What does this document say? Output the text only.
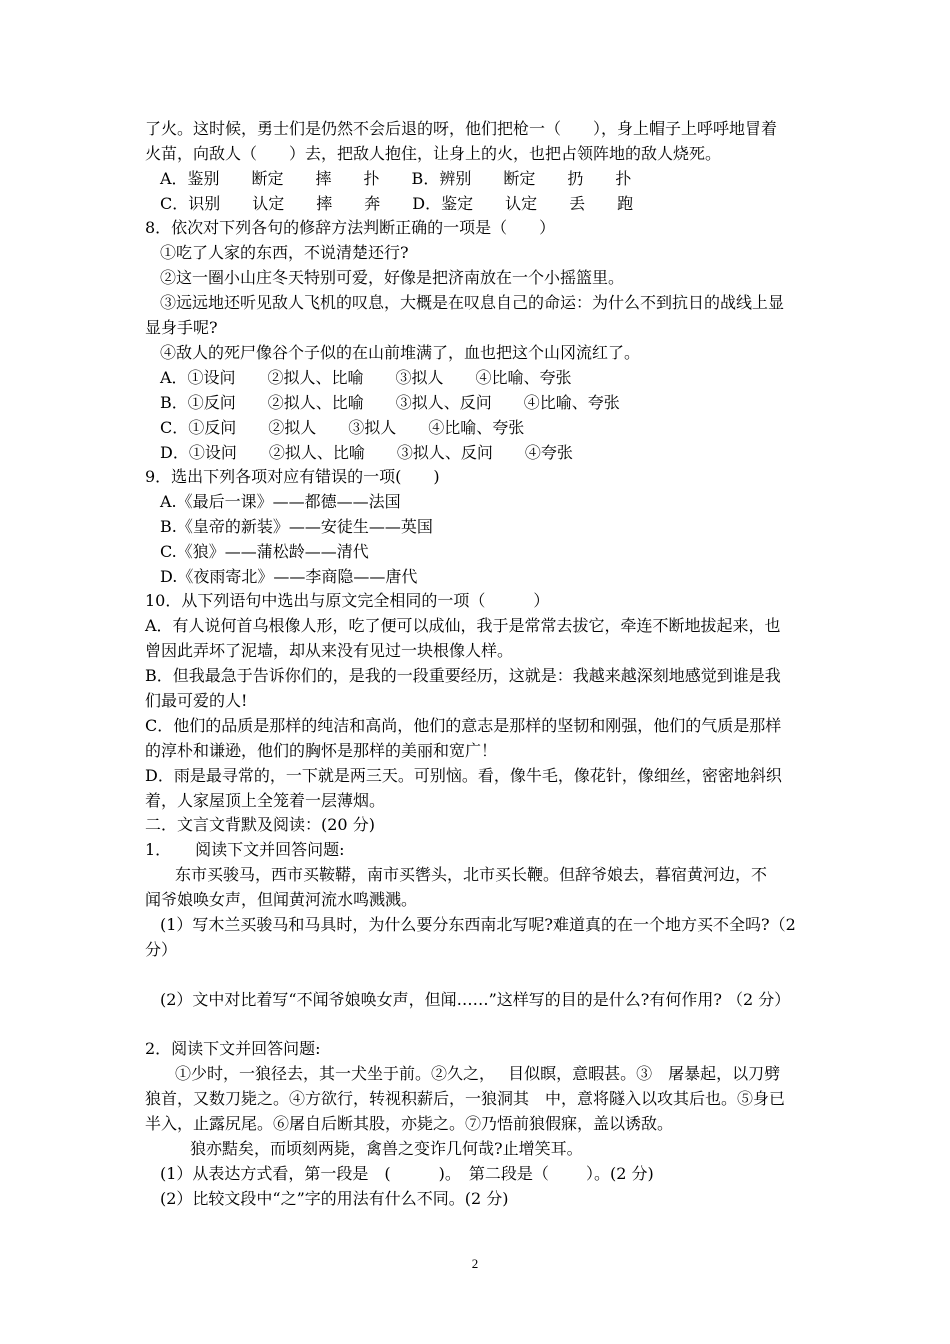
了火。这时候，勇士们是仍然不会后退的呀，他们把枪一（　　），身上帽子上呼呼地冒着
火苗，向敌人（　　）去，把敌人抱住，让身上的火，也把占领阵地的敌人烧死。
A．鉴别　　断定　　摔　　扑　　B．辨别　　断定　　扔　　扑
C．识别　　认定　　摔　　奔　　D．鉴定　　认定　　丢　　跑
8．依次对下列各句的修辞方法判断正确的一项是（　　）
①吃了人家的东西，不说清楚还行?
②这一圈小山庄冬天特别可爱，好像是把济南放在一个小摇篮里。
③远远地还听见敌人飞机的叹息，大概是在叹息自己的命运：为什么不到抗日的战线上显
显身手呢?
④敌人的死尸像谷个子似的在山前堆满了，血也把这个山冈流红了。
A．①设问　　②拟人、比喻　　③拟人　　④比喻、夸张
B．①反问　　②拟人、比喻　　③拟人、反问　　④比喻、夸张
C．①反问　　②拟人　　③拟人　　④比喻、夸张
D．①设问　　②拟人、比喻　　③拟人、反问　　④夸张
9．选出下列各项对应有错误的一项(　　)
A.《最后一课》——都德——法国
B.《皇帝的新装》——安徒生——英国
C.《狼》——蒲松龄——清代
D.《夜雨寄北》——李商隐——唐代
10．从下列语句中选出与原文完全相同的一项（　　　）
A．有人说何首乌根像人形，吃了便可以成仙，我于是常常去拔它，牵连不断地拔起来，也
曾因此弄坏了泥墙，却从来没有见过一块根像人样。
B．但我最急于告诉你们的，是我的一段重要经历，这就是：我越来越深刻地感觉到谁是我
们最可爱的人!
C．他们的品质是那样的纯洁和高尚，他们的意志是那样的坚韧和刚强，他们的气质是那样
的淳朴和谦逊，他们的胸怀是那样的美丽和宽广！
D．雨是最寻常的，一下就是两三天。可别恼。看，像牛毛，像花针，像细丝，密密地斜织
着，人家屋顶上全笼着一层薄烟。
二．文言文背默及阅读：(20 分)
1．　　阅读下文并回答问题:
东市买骏马，西市买鞍鞯，南市买辔头，北市买长鞭。但辞爷娘去，暮宿黄河边，不
闻爷娘唤女声，但闻黄河流水鸣溅溅。
(1）写木兰买骏马和马具时，为什么要分东西南北写呢?难道真的在一个地方买不全吗?（2
分）
(2）文中对比着写“不闻爷娘唤女声，但闻……”这样写的目的是什么?有何作用? （2 分）
2．阅读下文并回答问题:
①少时，一狼径去，其一犬坐于前。②久之，　 目似瞑，意暇甚。③　屠暴起，以刀劈
狼首，又数刀毙之。④方欲行，转视积薪后，一狼洞其　中，意将隧入以攻其后也。⑤身已
半入，止露尻尾。⑥屠自后断其股，亦毙之。⑦乃悟前狼假寐，盖以诱敌。
狼亦黠矣，而顷刻两毙，禽兽之变诈几何哉?止增笑耳。
(1）从表达方式看，第一段是　(　　　)。　第二段是（　　 ）。(2 分)
(2）比较文段中“之”字的用法有什么不同。(2 分)
2
